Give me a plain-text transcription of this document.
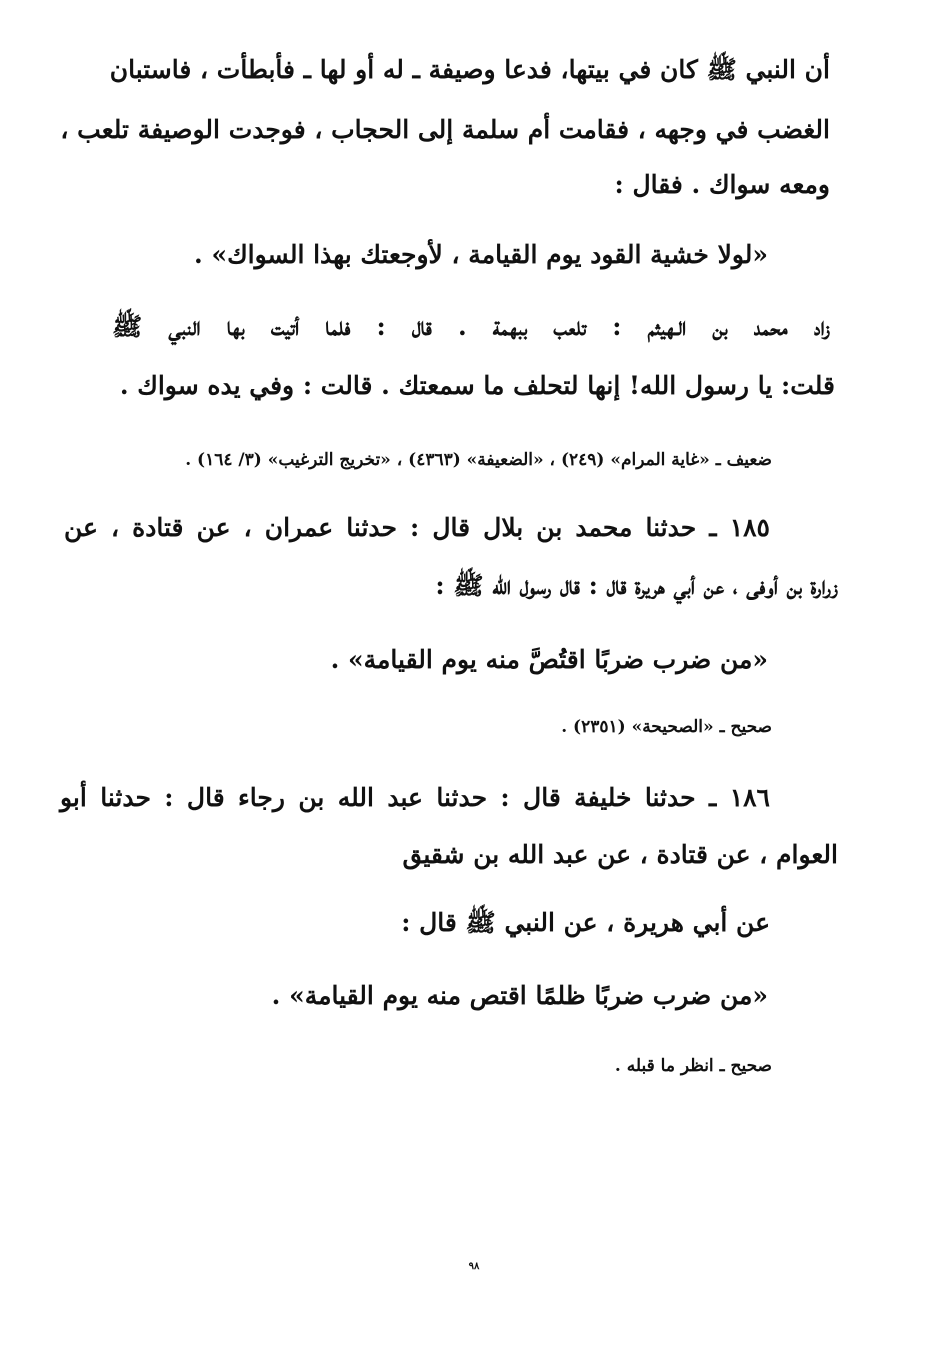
أن النبي ﷺ كان في بيتها، فدعا وصيفة ـ له أو لها ـ فأبطأت ، فاستبان
الغضب في وجهه ، فقامت أم سلمة إلى الحجاب ، فوجدت الوصيفة تلعب ،
ومعه سواك . فقال :
«لولا خشية القود يوم القيامة ، لأوجعتك بهذا السواك» .
زاد محمد بن الـهيثم : تلعب ببهمة . قال : فلما أتيت بها النبي ﷺ
قلت: يا رسول الله! إنها لتحلف ما سمعتك . قالت : وفي يده سواك .
ضعيف ـ «غاية المرام» (٢٤٩) ، «الضعيفة» (٤٣٦٣) ، «تخريج الترغيب» (٣/ ١٦٤) .
١٨٥ ـ حدثنا محمد بن بلال قال : حدثنا عمران ، عن قتادة ، عن
زرارة بن أوفى ، عن أبي هريرة قال : قال رسول الله ﷺ :
«من ضرب ضربًا اقتُصَّ منه يوم القيامة» .
صحيح ـ «الصحيحة» (٢٣٥١) .
١٨٦ ـ حدثنا خليفة قال : حدثنا عبد الله بن رجاء قال : حدثنا أبو
العوام ، عن قتادة ، عن عبد الله بن شقيق
عن أبي هريرة ، عن النبي ﷺ قال :
«من ضرب ضربًا ظلمًا اقتص منه يوم القيامة» .
صحيح ـ انظر ما قبله .
٩٨
